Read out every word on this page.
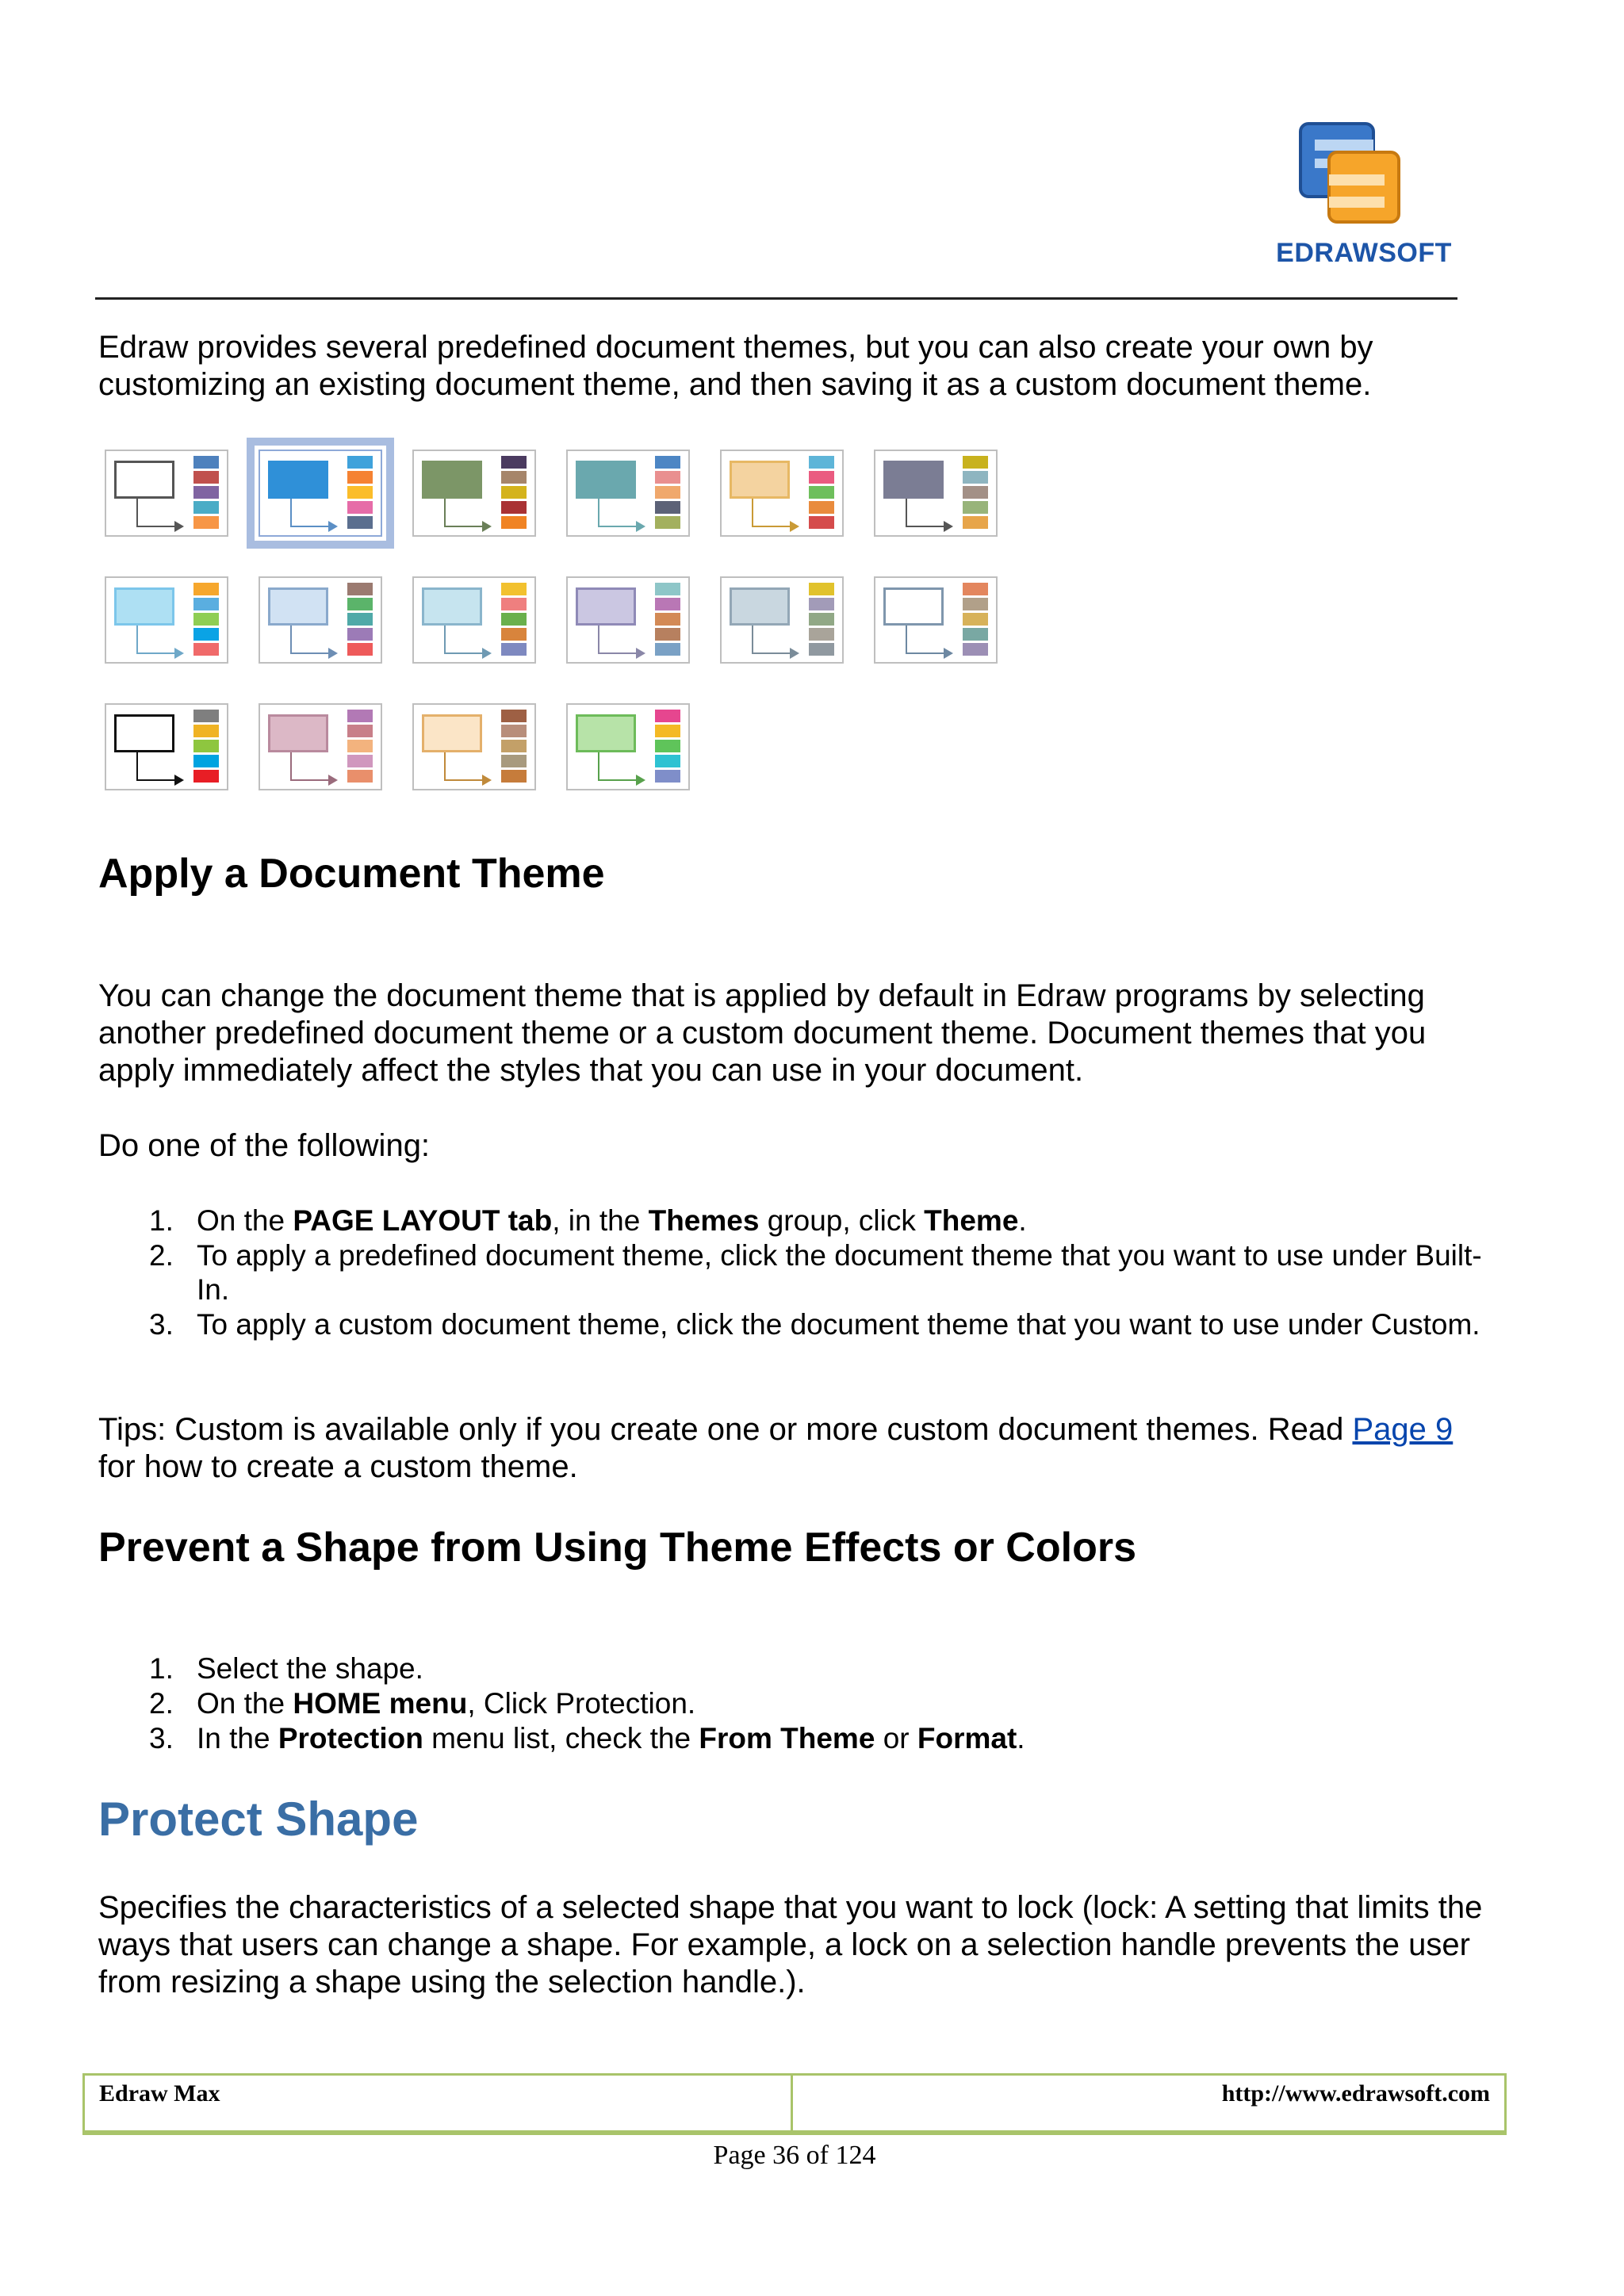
EDRAWSOFT

Edraw provides several predefined document themes, but you can also create your own by customizing an existing document theme, and then saving it as a custom document theme.

Apply a Document Theme

You can change the document theme that is applied by default in Edraw programs by selecting another predefined document theme or a custom document theme. Document themes that you apply immediately affect the styles that you can use in your document.

Do one of the following:

1. On the PAGE LAYOUT tab, in the Themes group, click Theme.
2. To apply a predefined document theme, click the document theme that you want to use under Built-In.
3. To apply a custom document theme, click the document theme that you want to use under Custom.

Tips: Custom is available only if you create one or more custom document themes. Read Page 9 for how to create a custom theme.

Prevent a Shape from Using Theme Effects or Colors
1. Select the shape.
2. On the HOME menu, Click Protection.
3. In the Protection menu list, check the From Theme or Format.
Protect Shape

Specifies the characteristics of a selected shape that you want to lock (lock: A setting that limits the ways that users can change a shape. For example, a lock on a selection handle prevents the user from resizing a shape using the selection handle.).

Edraw Max	http://www.edrawsoft.com
Page 36 of 124
